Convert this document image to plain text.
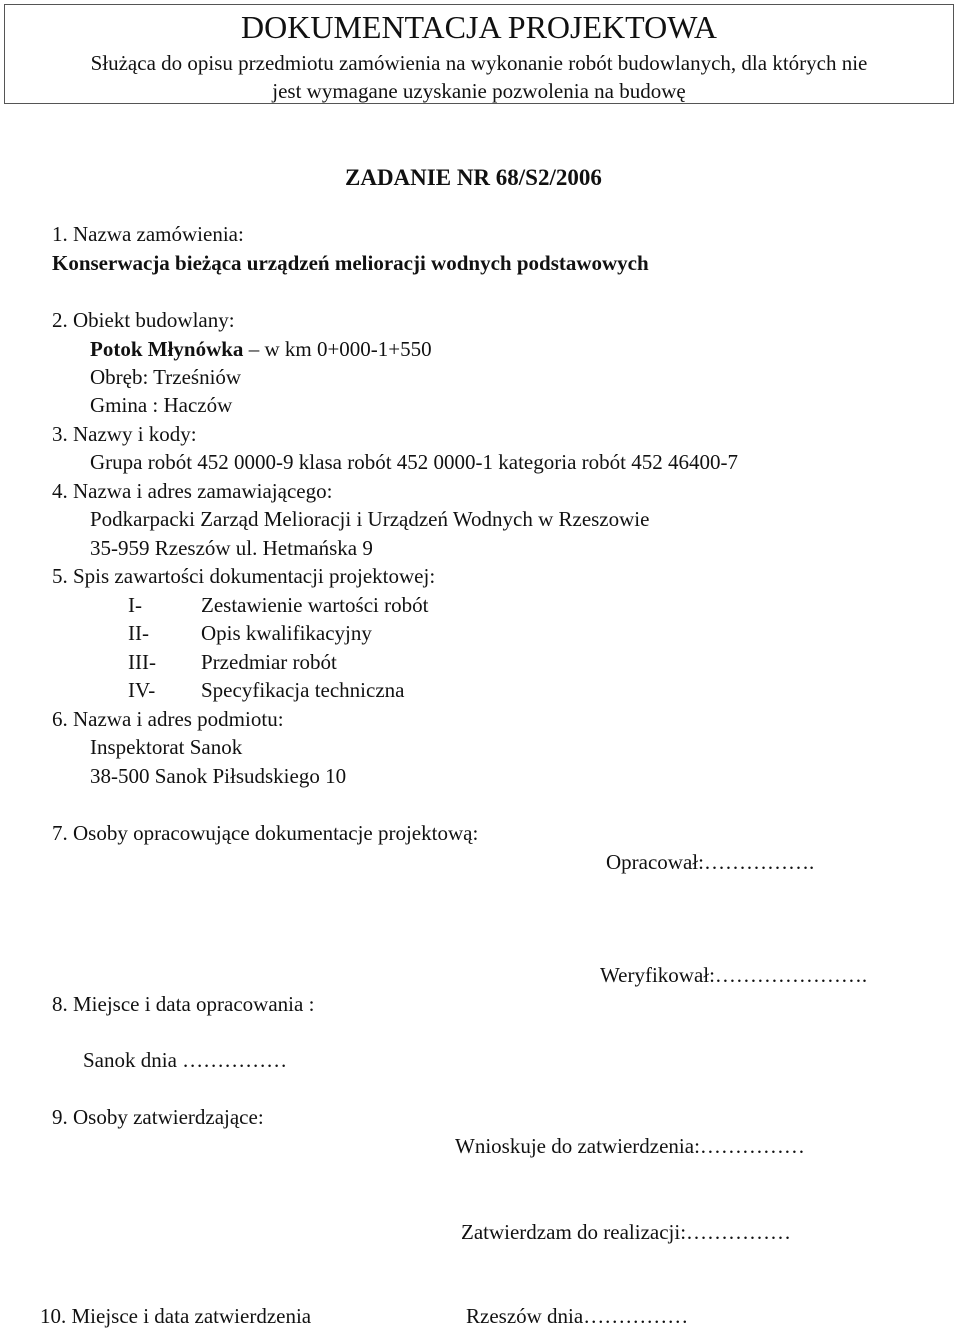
DOKUMENTACJA PROJEKTOWA
Służąca do opisu przedmiotu zamówienia na wykonanie robót budowlanych, dla których nie
jest wymagane uzyskanie pozwolenia na budowę
ZADANIE NR 68/S2/2006
1. Nazwa zamówienia:
Konserwacja bieżąca urządzeń melioracji wodnych podstawowych
2. Obiekt budowlany:
Potok Młynówka – w km 0+000-1+550
Obręb: Trześniów
Gmina : Haczów
3. Nazwy i kody:
Grupa robót 452 0000-9 klasa robót 452 0000-1 kategoria robót 452 46400-7
4. Nazwa i adres zamawiającego:
Podkarpacki Zarząd Melioracji i Urządzeń Wodnych w Rzeszowie
35-959 Rzeszów ul. Hetmańska 9
5. Spis zawartości dokumentacji projektowej:
I-	Zestawienie wartości robót
II- Opis kwalifikacyjny
III- Przedmiar robót
IV- Specyfikacja techniczna
6. Nazwa i adres podmiotu:
Inspektorat Sanok
38-500 Sanok Piłsudskiego 10
7. Osoby opracowujące dokumentacje projektową:
Opracował:…………….
Weryfikował:………………….
8. Miejsce i data opracowania :
Sanok dnia ……………
9. Osoby zatwierdzające:
Wnioskuje do zatwierdzenia:……………
Zatwierdzam do realizacji:……………
10. Miejsce i data zatwierdzenia	Rzeszów dnia……………
